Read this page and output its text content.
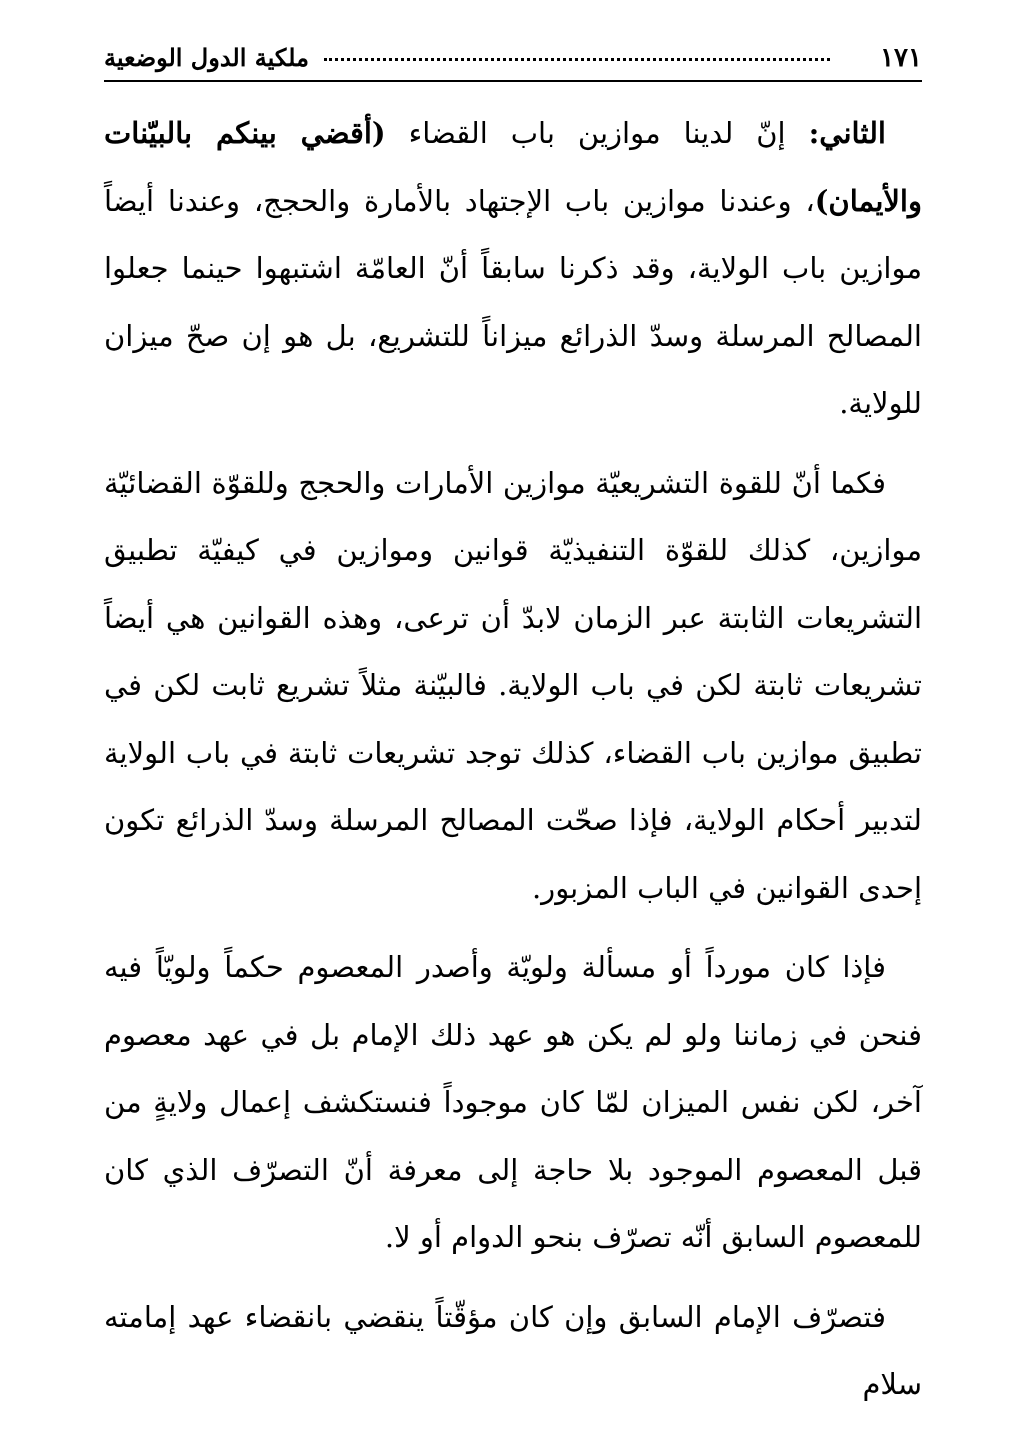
١٧١
ملكية الدول الوضعية

الثاني: إنّ لدينا موازين باب القضاء (أقضي بينكم بالبيّنات والأيمان)، وعندنا موازين باب الإجتهاد بالأمارة والحجج، وعندنا أيضاً موازين باب الولاية، وقد ذكرنا سابقاً أنّ العامّة اشتبهوا حينما جعلوا المصالح المرسلة وسدّ الذرائع ميزاناً للتشريع، بل هو إن صحّ ميزان للولاية.

فكما أنّ للقوة التشريعيّة موازين الأمارات والحجج وللقوّة القضائيّة موازين، كذلك للقوّة التنفيذيّة قوانين وموازين في كيفيّة تطبيق التشريعات الثابتة عبر الزمان لابدّ أن ترعى، وهذه القوانين هي أيضاً تشريعات ثابتة لكن في باب الولاية. فالبيّنة مثلاً تشريع ثابت لكن في تطبيق موازين باب القضاء، كذلك توجد تشريعات ثابتة في باب الولاية لتدبير أحكام الولاية، فإذا صحّت المصالح المرسلة وسدّ الذرائع تكون إحدى القوانين في الباب المزبور.

فإذا كان مورداً أو مسألة ولويّة وأصدر المعصوم حكماً ولويّاً فيه فنحن في زماننا ولو لم يكن هو عهد ذلك الإمام بل في عهد معصوم آخر، لكن نفس الميزان لمّا كان موجوداً فنستكشف إعمال ولايةٍ من قبل المعصوم الموجود بلا حاجة إلى معرفة أنّ التصرّف الذي كان للمعصوم السابق أنّه تصرّف بنحو الدوام أو لا.

فتصرّف الإمام السابق وإن كان مؤقّتاً ينقضي بانقضاء عهد إمامته سلام
